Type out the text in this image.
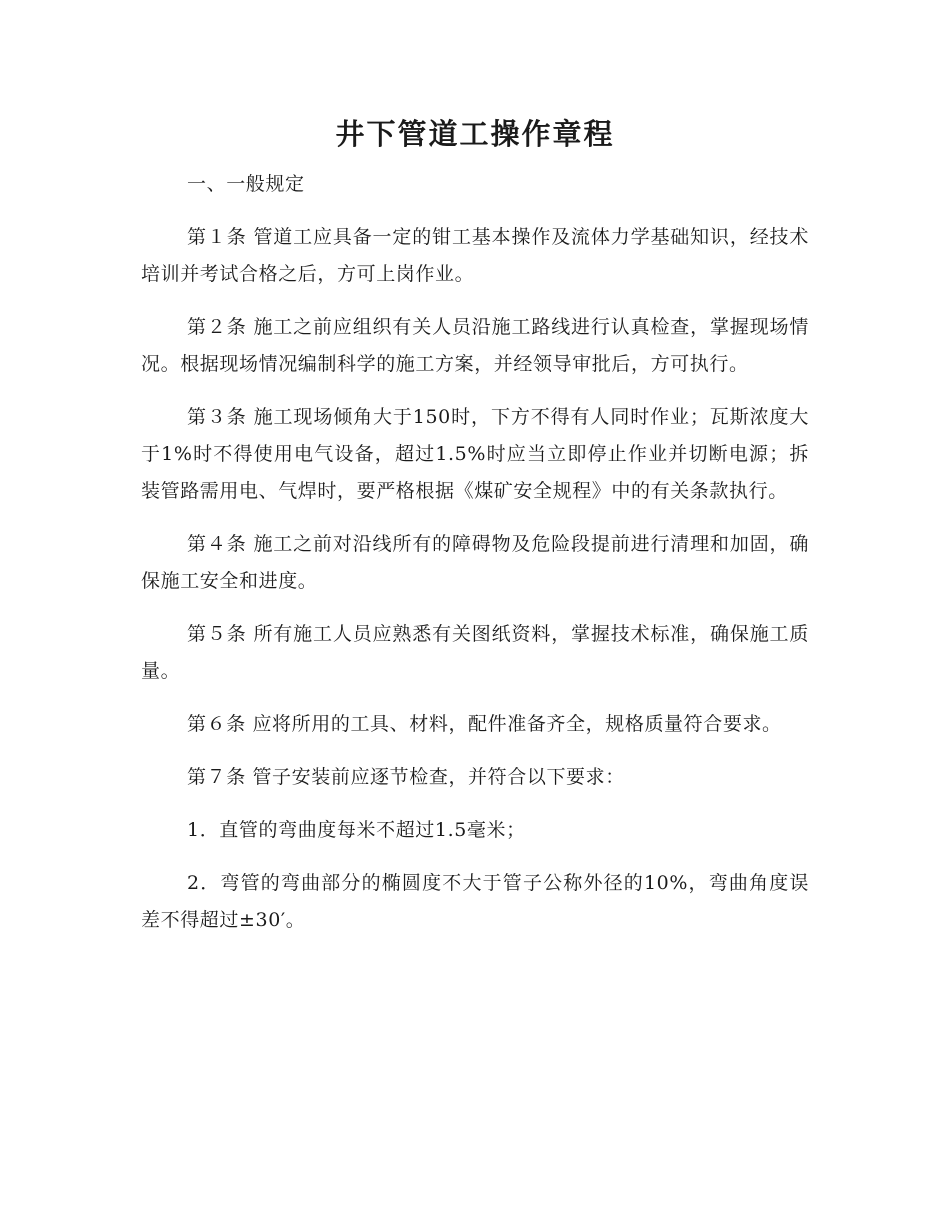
井下管道工操作章程

一、一般规定

第１条 管道工应具备一定的钳工基本操作及流体力学基础知识，经技术培训并考试合格之后，方可上岗作业。

第２条 施工之前应组织有关人员沿施工路线进行认真检查，掌握现场情况。根据现场情况编制科学的施工方案，并经领导审批后，方可执行。

第３条 施工现场倾角大于150时，下方不得有人同时作业；瓦斯浓度大于1%时不得使用电气设备，超过1.5%时应当立即停止作业并切断电源；拆装管路需用电、气焊时，要严格根据《煤矿安全规程》中的有关条款执行。

第４条 施工之前对沿线所有的障碍物及危险段提前进行清理和加固，确保施工安全和进度。

第５条 所有施工人员应熟悉有关图纸资料，掌握技术标准，确保施工质量。

第６条 应将所用的工具、材料，配件准备齐全，规格质量符合要求。

第７条 管子安装前应逐节检查，并符合以下要求：

1．直管的弯曲度每米不超过1.5毫米；

2．弯管的弯曲部分的椭圆度不大于管子公称外径的10%，弯曲角度误差不得超过±30′。
